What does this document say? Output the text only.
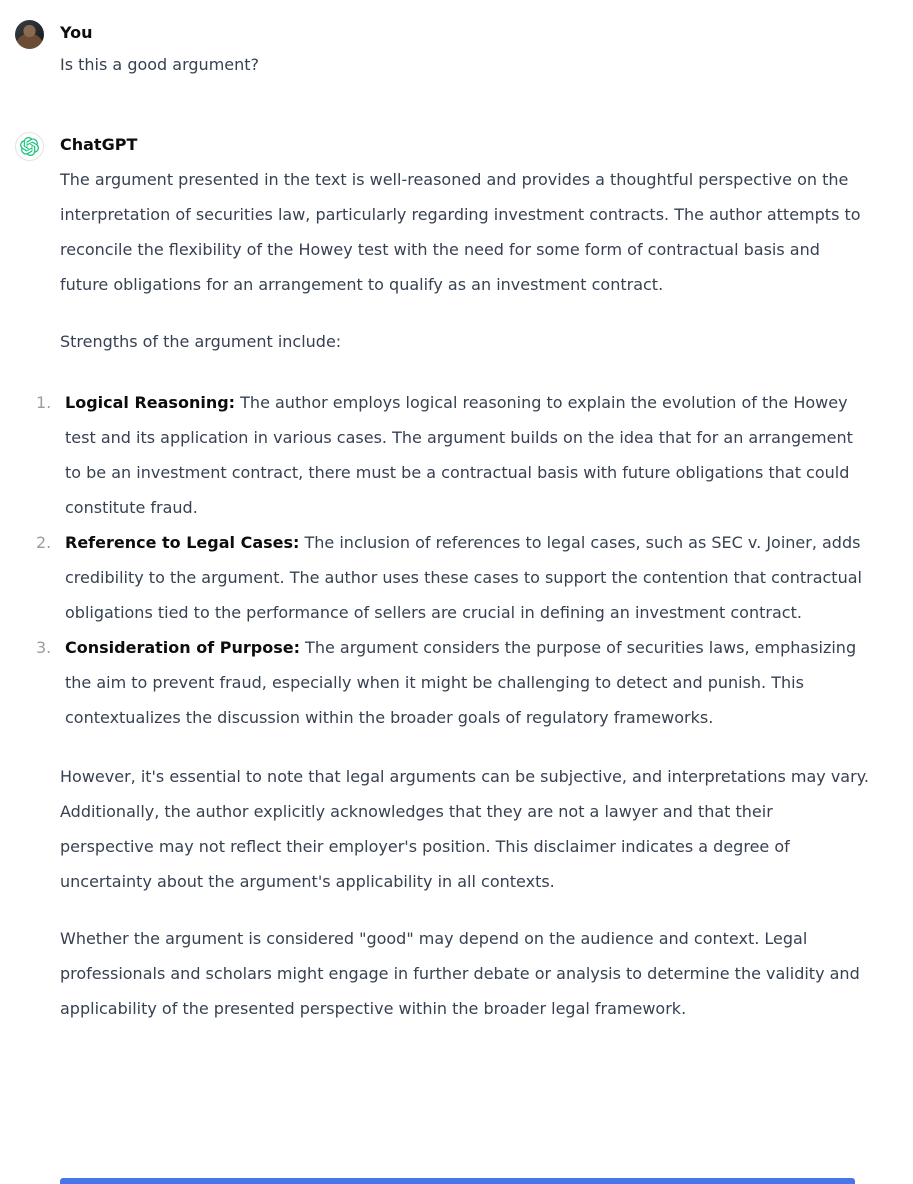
You

Is this a good argument?

ChatGPT

The argument presented in the text is well-reasoned and provides a thoughtful perspective on the interpretation of securities law, particularly regarding investment contracts. The author attempts to reconcile the flexibility of the Howey test with the need for some form of contractual basis and future obligations for an arrangement to qualify as an investment contract.

Strengths of the argument include:

1. Logical Reasoning: The author employs logical reasoning to explain the evolution of the Howey test and its application in various cases. The argument builds on the idea that for an arrangement to be an investment contract, there must be a contractual basis with future obligations that could constitute fraud.
2. Reference to Legal Cases: The inclusion of references to legal cases, such as SEC v. Joiner, adds credibility to the argument. The author uses these cases to support the contention that contractual obligations tied to the performance of sellers are crucial in defining an investment contract.
3. Consideration of Purpose: The argument considers the purpose of securities laws, emphasizing the aim to prevent fraud, especially when it might be challenging to detect and punish. This contextualizes the discussion within the broader goals of regulatory frameworks.

However, it's essential to note that legal arguments can be subjective, and interpretations may vary. Additionally, the author explicitly acknowledges that they are not a lawyer and that their perspective may not reflect their employer's position. This disclaimer indicates a degree of uncertainty about the argument's applicability in all contexts.

Whether the argument is considered "good" may depend on the audience and context. Legal professionals and scholars might engage in further debate or analysis to determine the validity and applicability of the presented perspective within the broader legal framework.
